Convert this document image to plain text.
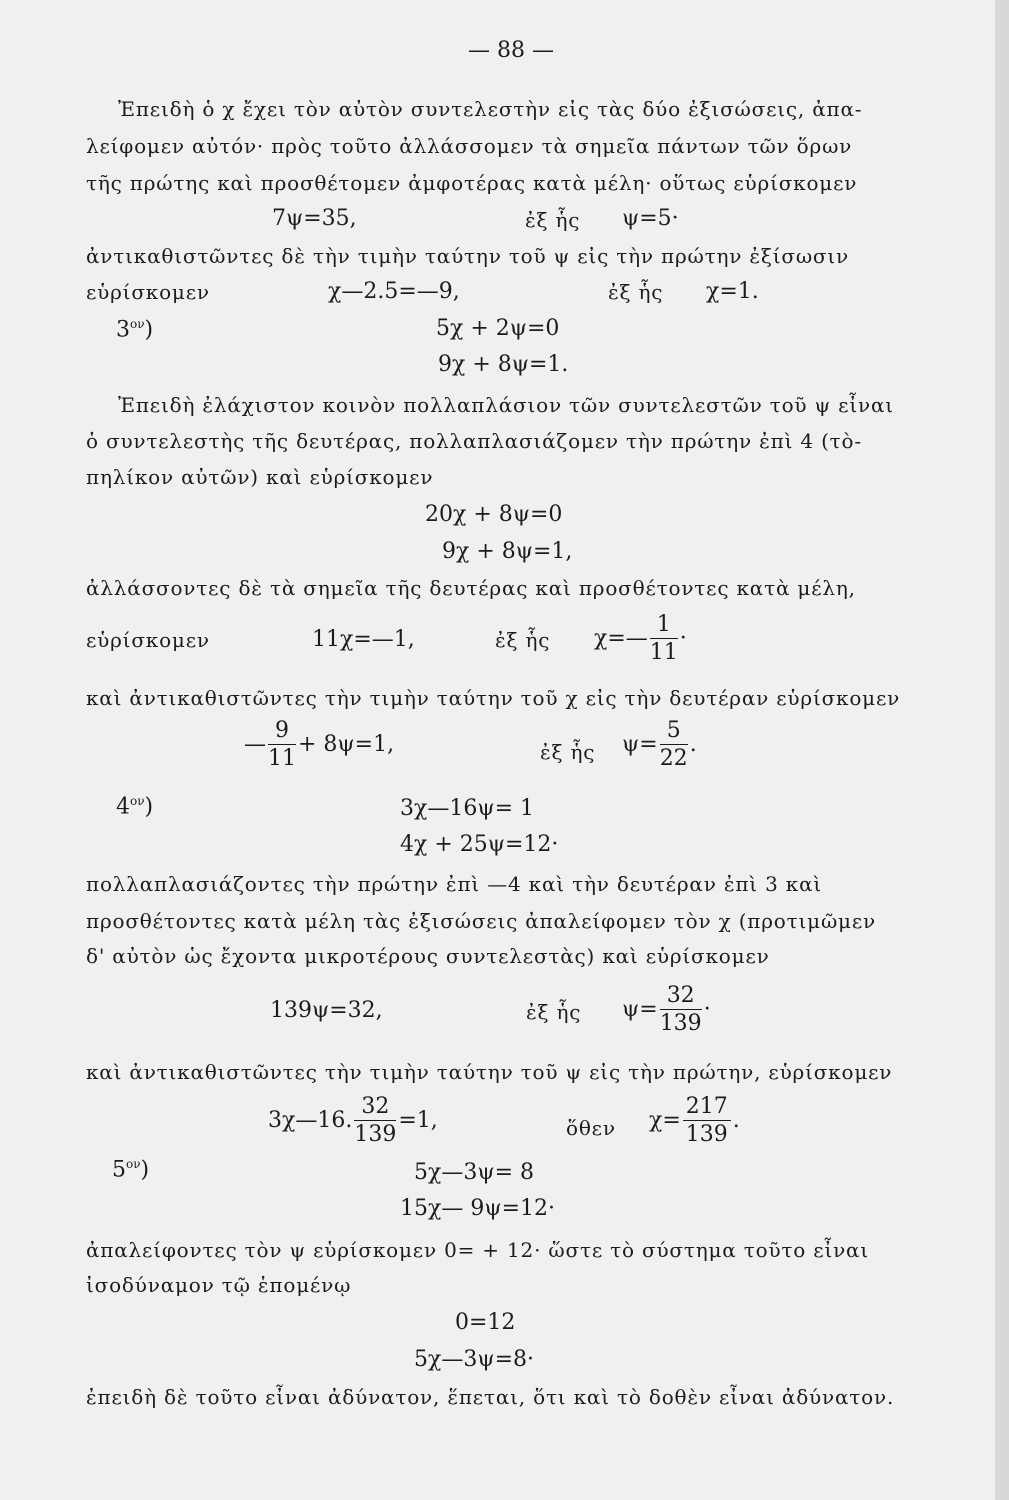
— 88 —
Ἐπειδὴ ὁ χ ἔχει τὸν αὐτὸν συντελεστὴν εἰς τὰς δύο ἐξισώσεις, ἀπα-
λείφομεν αὐτόν· πρὸς τοῦτο ἀλλάσσομεν τὰ σημεῖα πάντων τῶν ὅρων
τῆς πρώτης καὶ προσθέτομεν ἀμφοτέρας κατὰ μέλη· οὕτως εὑρίσκομεν
7ψ=35,	ἐξ ἧς ψ=5·
ἀντικαθιστῶντες δὲ τὴν τιμὴν ταύτην τοῦ ψ εἰς τὴν πρώτην ἐξίσωσιν
εὑρίσκομεν	χ—2.5=—9,	ἐξ ἧς χ=1.
$3^{o\nu}$)	5χ + 2ψ=0
9χ + 8ψ=1.
Ἐπειδὴ ἐλάχιστον κοινὸν πολλαπλάσιον τῶν συντελεστῶν τοῦ ψ εἶναι
ὁ συντελεστὴς τῆς δευτέρας, πολλαπλασιάζομεν τὴν πρώτην ἐπὶ 4 (τὸ-
πηλίκον αὐτῶν) καὶ εὑρίσκομεν
20χ + 8ψ=0
9χ + 8ψ=1,
ἀλλάσσοντες δὲ τὰ σημεῖα τῆς δευτέρας καὶ προσθέτοντες κατὰ μέλη,
εὑρίσκομεν	11χ=—1,	ἐξ ἧς χ=— $\frac{1}{11}$ ·
καὶ ἀντικαθιστῶντες τὴν τιμὴν ταύτην τοῦ χ εἰς τὴν δευτέραν εὑρίσκομεν
— $\frac{9}{11} + 8\psi=1$,	ἐξ ἧς $\psi= \frac{5}{22}$ .
$4^{o\nu}$)	3χ—16ψ= 1
4χ + 25ψ=12·
πολλαπλασιάζοντες τὴν πρώτην ἐπὶ —4 καὶ τὴν δευτέραν ἐπὶ 3 καὶ
προσθέτοντες κατὰ μέλη τὰς ἐξισώσεις ἀπαλείφομεν τὸν χ (προτιμῶμεν
δ' αὐτὸν ὡς ἔχοντα μικροτέρους συντελεστὰς) καὶ εὑρίσκομεν
139ψ=32,	ἐξ ἧς $\psi= \frac{32}{139}$ ·
καὶ ἀντικαθιστῶντες τὴν τιμὴν ταύτην τοῦ ψ εἰς τὴν πρώτην, εὑρίσκομεν
3χ—16. $\frac{32}{139} =1$,	ὅθεν $\chi= \frac{217}{139}$ .
$5^{o\nu}$)	5χ—3ψ= 8
15χ— 9ψ=12·
ἀπαλείφοντες τὸν ψ εὑρίσκομεν 0= + 12· ὥστε τὸ σύστημα τοῦτο εἶναι
ἰσοδύναμον τῷ ἑπομένῳ
0=12
5χ—3ψ=8·
ἐπειδὴ δὲ τοῦτο εἶναι ἀδύνατον, ἕπεται, ὅτι καὶ τὸ δοθὲν εἶναι ἀδύνατον.
